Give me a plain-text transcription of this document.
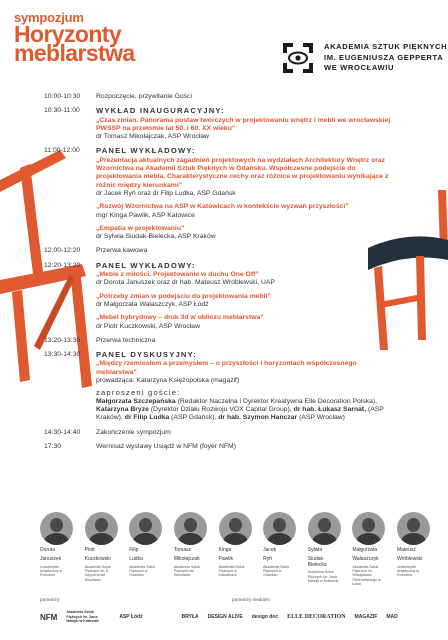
sympozjum
Horyzonty
meblarstwa	AKADEMIA SZTUK PIĘKNYCH
IM. EUGENIUSZA GEPPERTA
WE WROCŁAWIU
10:00-10:30	Rozpoczęcie, przywitanie Gości
10:30-11:00	WYKŁAD INAUGURACYJNY:
„Czas zmian. Panorama postaw twórczych w projektowaniu wnętrz i mebli we wrocławskiej PWSSP na przełomie lat 50. i 60. XX wieku”
dr Tomasz Mikołajczak, ASP Wrocław
11:00-12:00	PANEL WYKŁADOWY:
„Prezentacja aktualnych zagadnień projektowych na wydziałach Architektury Wnętrz oraz Wzornictwa na Akademii Sztuk Pięknych w Gdańsku. Współczesne podejście do projektowania mebla. Charakterystyczne cechy oraz różnice w projektowaniu wynikające z różnic między kierunkami”
dr Jacek Ryń oraz dr Filip Ludka, ASP Gdańsk
„Rozwój Wzornictwa na ASP w Katowicach w kontekście wyzwań przyszłości”
mgr Kinga Pawlik, ASP Katowice
„Empatia w projektowaniu”
dr Sylwia Siudak-Bielecka, ASP Kraków
12:00-12:20	Przerwa kawowa
12:20-13:20	PANEL WYKŁADOWY:
„Meble z miłości. Projektowanie w duchu One Off”
dr Dorota Januszek oraz dr hab. Mateusz Wróblewski, UAP
„Potrzeby zmian w podejściu do projektowania mebli”
dr Małgorzata Walaszczyk, ASP Łódź
„Mebel hybrydowy – druk 3d w obliczu meblarstwa”
dr Piotr Kuczkowski, ASP Wrocław
13:20-13:30	Przerwa techniczna
13:30-14:30	PANEL DYSKUSYJNY:
„Między rzemiosłem a przemysłem – o przyszłości i horyzontach współczesnego meblarstwa”
prowadząca: Katarzyna Księżopolska (magazif)
zaproszeni goście:
Małgorzata Szczepańska (Redaktor Naczelna i Dyrektor Kreatywna Elle Decoration Polska), Katarzyna Bryze (Dyrektor Działu Rozwoju VOX Capital Group), dr hab. Łukasz Sarnat, (ASP Kraków), dr Filip Ludka (ASP Gdańsk), dr hab. Szymon Hanczar (ASP Wrocław)
14:30-14:40	Zakończenie sympozjum
17:30	Wernisaż wystawy Usiądź w NFM (foyer NFM)
Dorota
Januszek
Uniwersytet Artystyczny w Poznaniu
Piotr
Kuczkowski
Akademia Sztuk Pięknych im. E. Gepperta we Wrocławiu
Filip
Ludka
Akademia Sztuk Pięknych w Gdańsku
Tomasz
Mikołajczak
Akademia Sztuk Pięknych we Wrocławiu
Kinga
Pawlik
Akademia Sztuk Pięknych w Katowicach
Jacek
Ryń
Akademia Sztuk Pięknych w Gdańsku
Sylwia
Siudak-Bielecka
Akademia Sztuk Pięknych im. Jana Matejki w Krakowie
Małgorzata
Walaszczyk
Akademia Sztuk Pięknych im. Władysława Strzemińskiego w Łodzi
Mateusz
Wróblewski
Uniwersytet Artystyczny w Poznaniu
partnerzy:	partnerzy medialni:
NFM
Akademia Sztuk Pięknych im. Jana Matejki w Krakowie
ASP Łódź	BRYŁA DESIGN ALIVE design doc ELLE DECORATION MAGAZIF MAD
